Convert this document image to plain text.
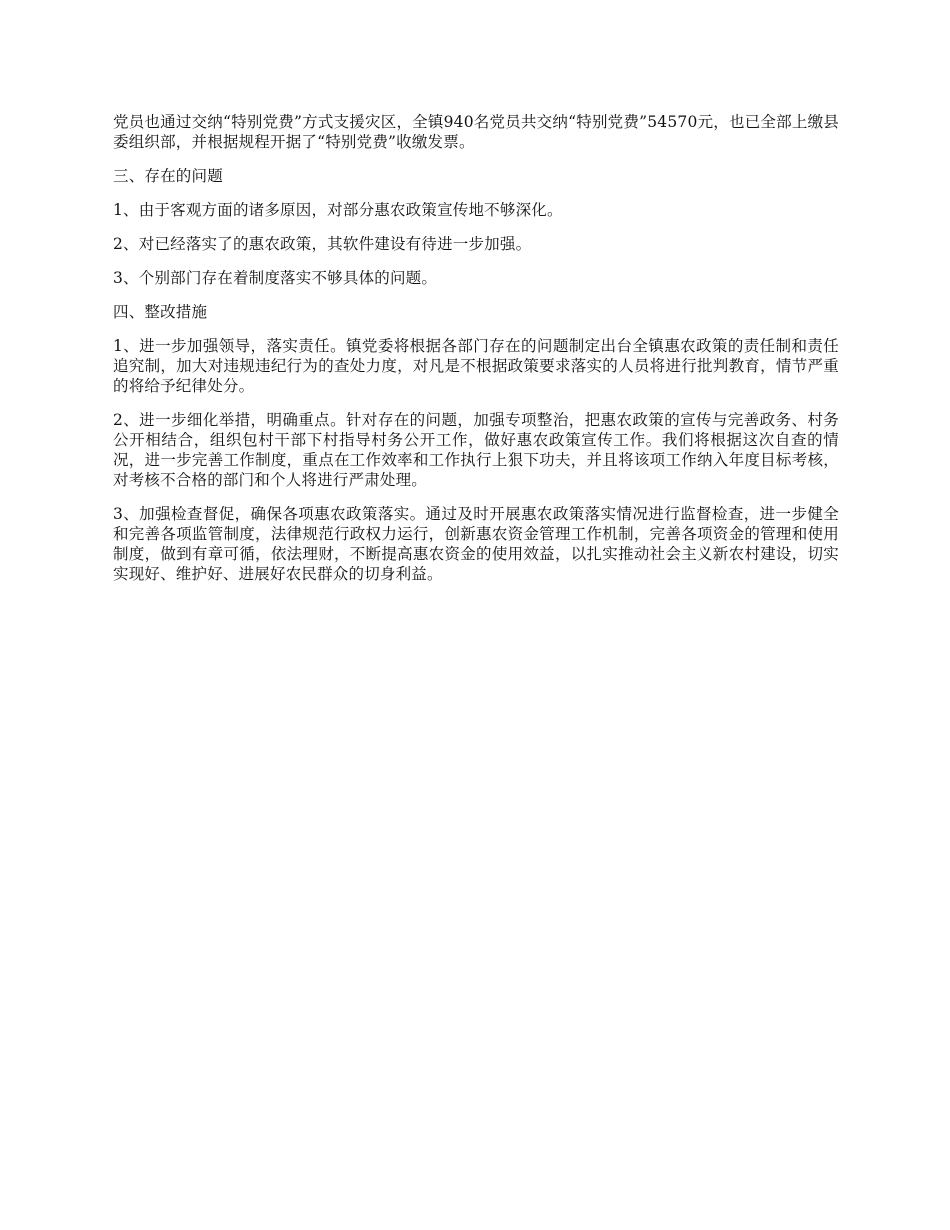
党员也通过交纳“特别党费”方式支援灾区，全镇940名党员共交纳“特别党费”54570元，也已全部上缴县委组织部，并根据规程开据了“特别党费”收缴发票。

三、存在的问题

1、由于客观方面的诸多原因，对部分惠农政策宣传地不够深化。

2、对已经落实了的惠农政策，其软件建设有待进一步加强。

3、个别部门存在着制度落实不够具体的问题。

四、整改措施

1、进一步加强领导，落实责任。镇党委将根据各部门存在的问题制定出台全镇惠农政策的责任制和责任追究制，加大对违规违纪行为的查处力度，对凡是不根据政策要求落实的人员将进行批判教育，情节严重的将给予纪律处分。

2、进一步细化举措，明确重点。针对存在的问题，加强专项整治，把惠农政策的宣传与完善政务、村务公开相结合，组织包村干部下村指导村务公开工作，做好惠农政策宣传工作。我们将根据这次自查的情况，进一步完善工作制度，重点在工作效率和工作执行上狠下功夫，并且将该项工作纳入年度目标考核，对考核不合格的部门和个人将进行严肃处理。

3、加强检查督促，确保各项惠农政策落实。通过及时开展惠农政策落实情况进行监督检查，进一步健全和完善各项监管制度，法律规范行政权力运行，创新惠农资金管理工作机制，完善各项资金的管理和使用制度，做到有章可循，依法理财，不断提高惠农资金的使用效益，以扎实推动社会主义新农村建设，切实实现好、维护好、进展好农民群众的切身利益。
